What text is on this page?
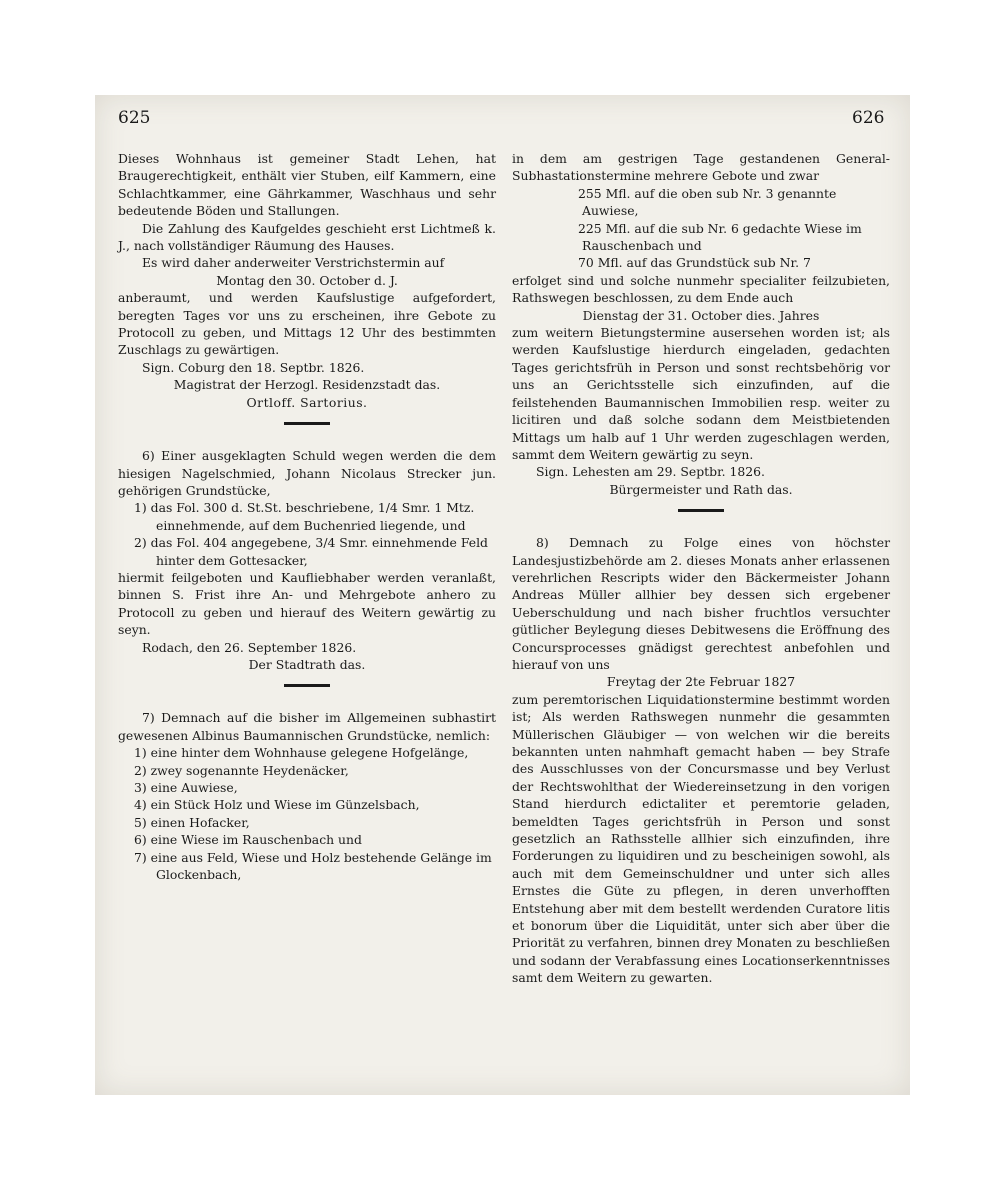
625	626

Dieses Wohnhaus ist gemeiner Stadt Lehen, hat Braugerechtigkeit, enthält vier Stuben, eilf Kammern, eine Schlachtkammer, eine Gährkammer, Waschhaus und sehr bedeutende Böden und Stallungen.

Die Zahlung des Kaufgeldes geschieht erst Lichtmeß k. J., nach vollständiger Räumung des Hauses.

Es wird daher anderweiter Verstrichstermin auf

Montag den 30. October d. J.

anberaumt, und werden Kaufslustige aufgefordert, beregten Tages vor uns zu erscheinen, ihre Gebote zu Protocoll zu geben, und Mittags 12 Uhr des bestimmten Zuschlags zu gewärtigen.

Sign. Coburg den 18. Septbr. 1826.

Magistrat der Herzogl. Residenzstadt das.

Ortloff. Sartorius.

6) Einer ausgeklagten Schuld wegen werden die dem hiesigen Nagelschmied, Johann Nicolaus Strecker jun. gehörigen Grundstücke,

1) das Fol. 300 d. St.St. beschriebene, 1/4 Smr. 1 Mtz. einnehmende, auf dem Buchenried liegende, und
2) das Fol. 404 angegebene, 3/4 Smr. einnehmende Feld hinter dem Gottesacker,

hiermit feilgeboten und Kaufliebhaber werden veranlaßt, binnen S. Frist ihre An- und Mehrgebote anhero zu Protocoll zu geben und hierauf des Weitern gewärtig zu seyn.

Rodach, den 26. September 1826.

Der Stadtrath das.

7) Demnach auf die bisher im Allgemeinen subhastirt gewesenen Albinus Baumannischen Grundstücke, nemlich:

1) eine hinter dem Wohnhause gelegene Hofgelänge,
2) zwey sogenannte Heydenäcker,
3) eine Auwiese,
4) ein Stück Holz und Wiese im Günzelsbach,
5) einen Hofacker,
6) eine Wiese im Rauschenbach und
7) eine aus Feld, Wiese und Holz bestehende Gelänge im Glockenbach,

in dem am gestrigen Tage gestandenen General-Subhastationstermine mehrere Gebote und zwar

255 Mfl. auf die oben sub Nr. 3 genannte Auwiese,

225 Mfl. auf die sub Nr. 6 gedachte Wiese im Rauschenbach und

70 Mfl. auf das Grundstück sub Nr. 7

erfolget sind und solche nunmehr specialiter feilzubieten, Rathswegen beschlossen, zu dem Ende auch

Dienstag der 31. October dies. Jahres

zum weitern Bietungstermine ausersehen worden ist; als werden Kaufslustige hierdurch eingeladen, gedachten Tages gerichtsfrüh in Person und sonst rechtsbehörig vor uns an Gerichtsstelle sich einzufinden, auf die feilstehenden Baumannischen Immobilien resp. weiter zu licitiren und daß solche sodann dem Meistbietenden Mittags um halb auf 1 Uhr werden zugeschlagen werden, sammt dem Weitern gewärtig zu seyn.

Sign. Lehesten am 29. Septbr. 1826.

Bürgermeister und Rath das.

8) Demnach zu Folge eines von höchster Landesjustizbehörde am 2. dieses Monats anher erlassenen verehrlichen Rescripts wider den Bäckermeister Johann Andreas Müller allhier bey dessen sich ergebener Ueberschuldung und nach bisher fruchtlos versuchter gütlicher Beylegung dieses Debitwesens die Eröffnung des Concursprocesses gnädigst gerechtest anbefohlen und hierauf von uns

Freytag der 2te Februar 1827

zum peremtorischen Liquidationstermine bestimmt worden ist; Als werden Rathswegen nunmehr die gesammten Müllerischen Gläubiger — von welchen wir die bereits bekannten unten nahmhaft gemacht haben — bey Strafe des Ausschlusses von der Concursmasse und bey Verlust der Rechtswohlthat der Wiedereinsetzung in den vorigen Stand hierdurch edictaliter et peremtorie geladen, bemeldten Tages gerichtsfrüh in Person und sonst gesetzlich an Rathsstelle allhier sich einzufinden, ihre Forderungen zu liquidiren und zu bescheinigen sowohl, als auch mit dem Gemeinschuldner und unter sich alles Ernstes die Güte zu pflegen, in deren unverhofften Entstehung aber mit dem bestellt werdenden Curatore litis et bonorum über die Liquidität, unter sich aber über die Priorität zu verfahren, binnen drey Monaten zu beschließen und sodann der Verabfassung eines Locationserkenntnisses samt dem Weitern zu gewarten.
